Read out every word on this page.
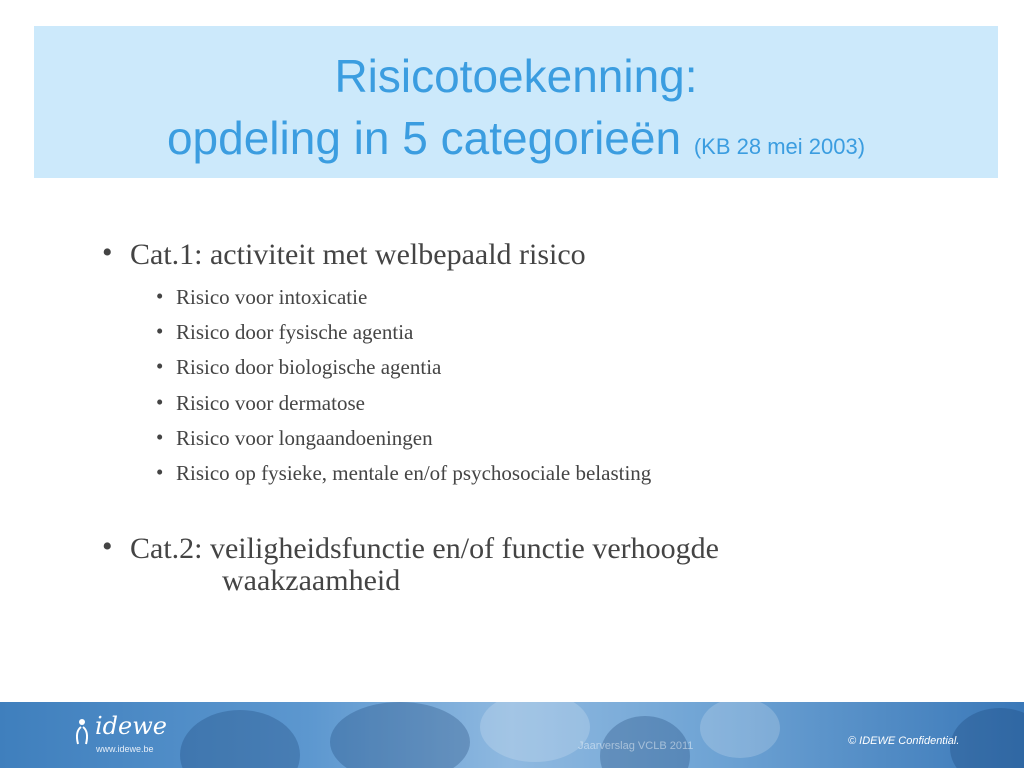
Risicotoekenning:
opdeling in 5 categorieën (KB 28 mei 2003)
• Cat.1: activiteit met welbepaald risico
• Risico voor intoxicatie
• Risico door fysische agentia
• Risico door biologische agentia
• Risico voor dermatose
• Risico voor longaandoeningen
• Risico op fysieke, mentale en/of psychosociale belasting
• Cat.2: veiligheidsfunctie en/of functie verhoogde
waakzaamheid
idewe
www.idewe.be	Jaarverslag VCLB 2011	© IDEWE Confidential.
